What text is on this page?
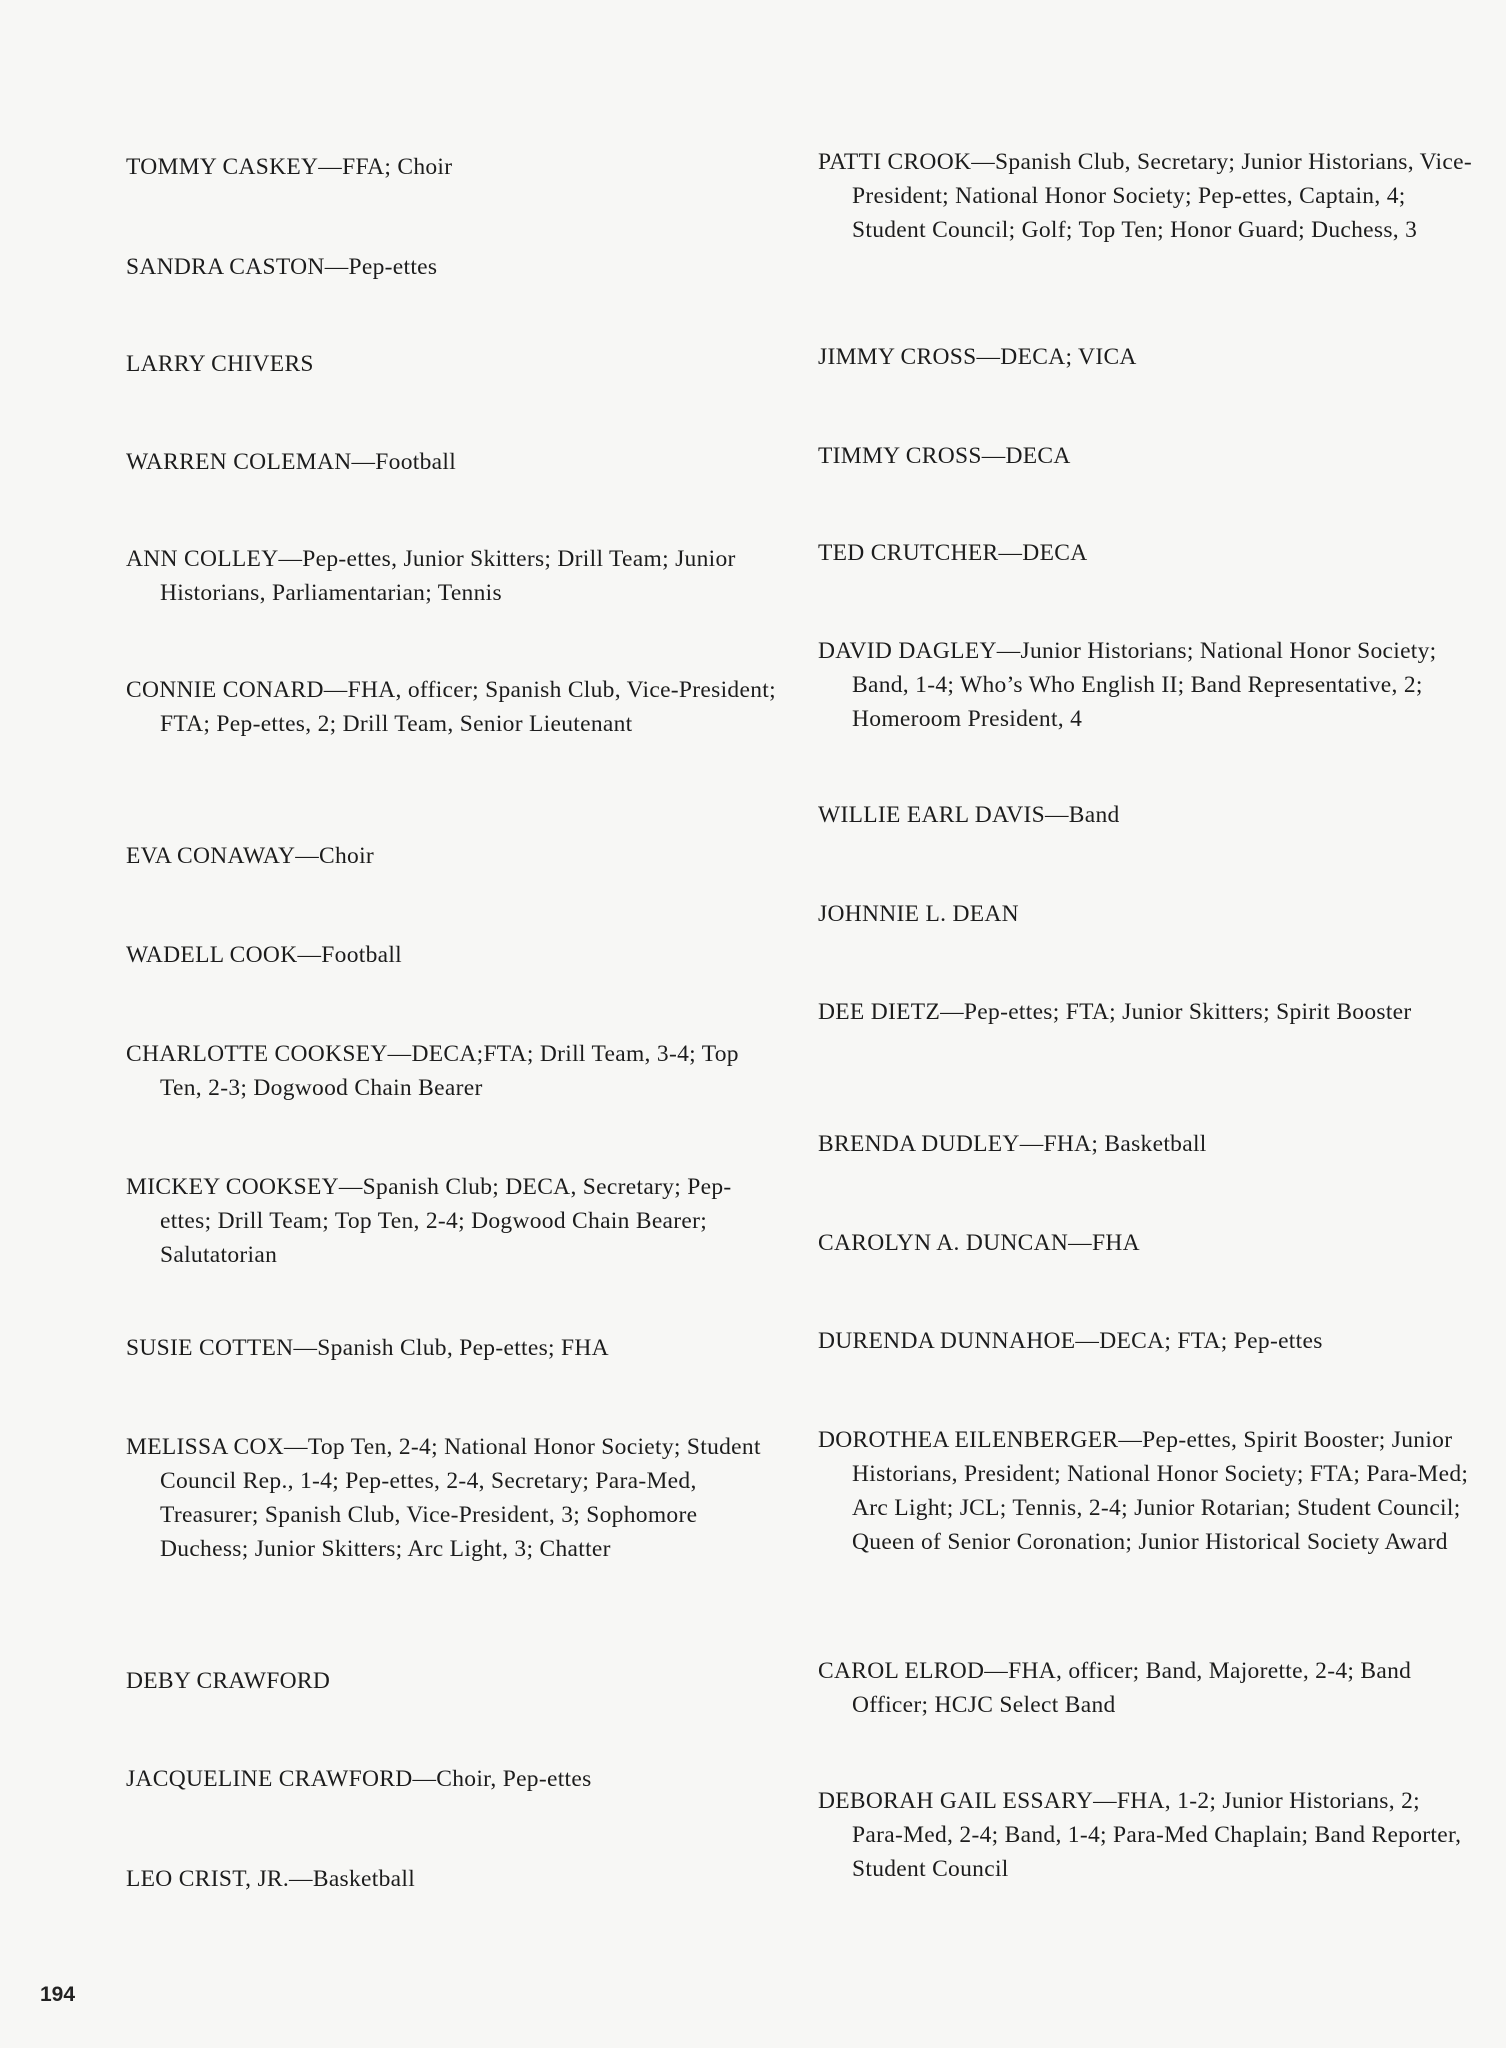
TOMMY CASKEY—FFA; Choir
SANDRA CASTON—Pep-ettes
LARRY CHIVERS
WARREN COLEMAN—Football
ANN COLLEY—Pep-ettes, Junior Skitters; Drill Team; Junior Historians, Parliamentarian; Tennis
CONNIE CONARD—FHA, officer; Spanish Club, Vice-President; FTA; Pep-ettes, 2; Drill Team, Senior Lieutenant
EVA CONAWAY—Choir
WADELL COOK—Football
CHARLOTTE COOKSEY—DECA;FTA; Drill Team, 3-4; Top Ten, 2-3; Dogwood Chain Bearer
MICKEY COOKSEY—Spanish Club; DECA, Secretary; Pep-ettes; Drill Team; Top Ten, 2-4; Dogwood Chain Bearer; Salutatorian
SUSIE COTTEN—Spanish Club, Pep-ettes; FHA
MELISSA COX—Top Ten, 2-4; National Honor Society; Student Council Rep., 1-4; Pep-ettes, 2-4, Secretary; Para-Med, Treasurer; Spanish Club, Vice-President, 3; Sophomore Duchess; Junior Skitters; Arc Light, 3; Chatter
DEBY CRAWFORD
JACQUELINE CRAWFORD—Choir, Pep-ettes
LEO CRIST, JR.—Basketball
PATTI CROOK—Spanish Club, Secretary; Junior Historians, Vice-President; National Honor Society; Pep-ettes, Captain, 4; Student Council; Golf; Top Ten; Honor Guard; Duchess, 3
JIMMY CROSS—DECA; VICA
TIMMY CROSS—DECA
TED CRUTCHER—DECA
DAVID DAGLEY—Junior Historians; National Honor Society; Band, 1-4; Who’s Who English II; Band Representative, 2; Homeroom President, 4
WILLIE EARL DAVIS—Band
JOHNNIE L. DEAN
DEE DIETZ—Pep-ettes; FTA; Junior Skitters; Spirit Booster
BRENDA DUDLEY—FHA; Basketball
CAROLYN A. DUNCAN—FHA
DURENDA DUNNAHOE—DECA; FTA; Pep-ettes
DOROTHEA EILENBERGER—Pep-ettes, Spirit Booster; Junior Historians, President; National Honor Society; FTA; Para-Med; Arc Light; JCL; Tennis, 2-4; Junior Rotarian; Student Council; Queen of Senior Coronation; Junior Historical Society Award
CAROL ELROD—FHA, officer; Band, Majorette, 2-4; Band Officer; HCJC Select Band
DEBORAH GAIL ESSARY—FHA, 1-2; Junior Historians, 2; Para-Med, 2-4; Band, 1-4; Para-Med Chaplain; Band Reporter, Student Council
194
